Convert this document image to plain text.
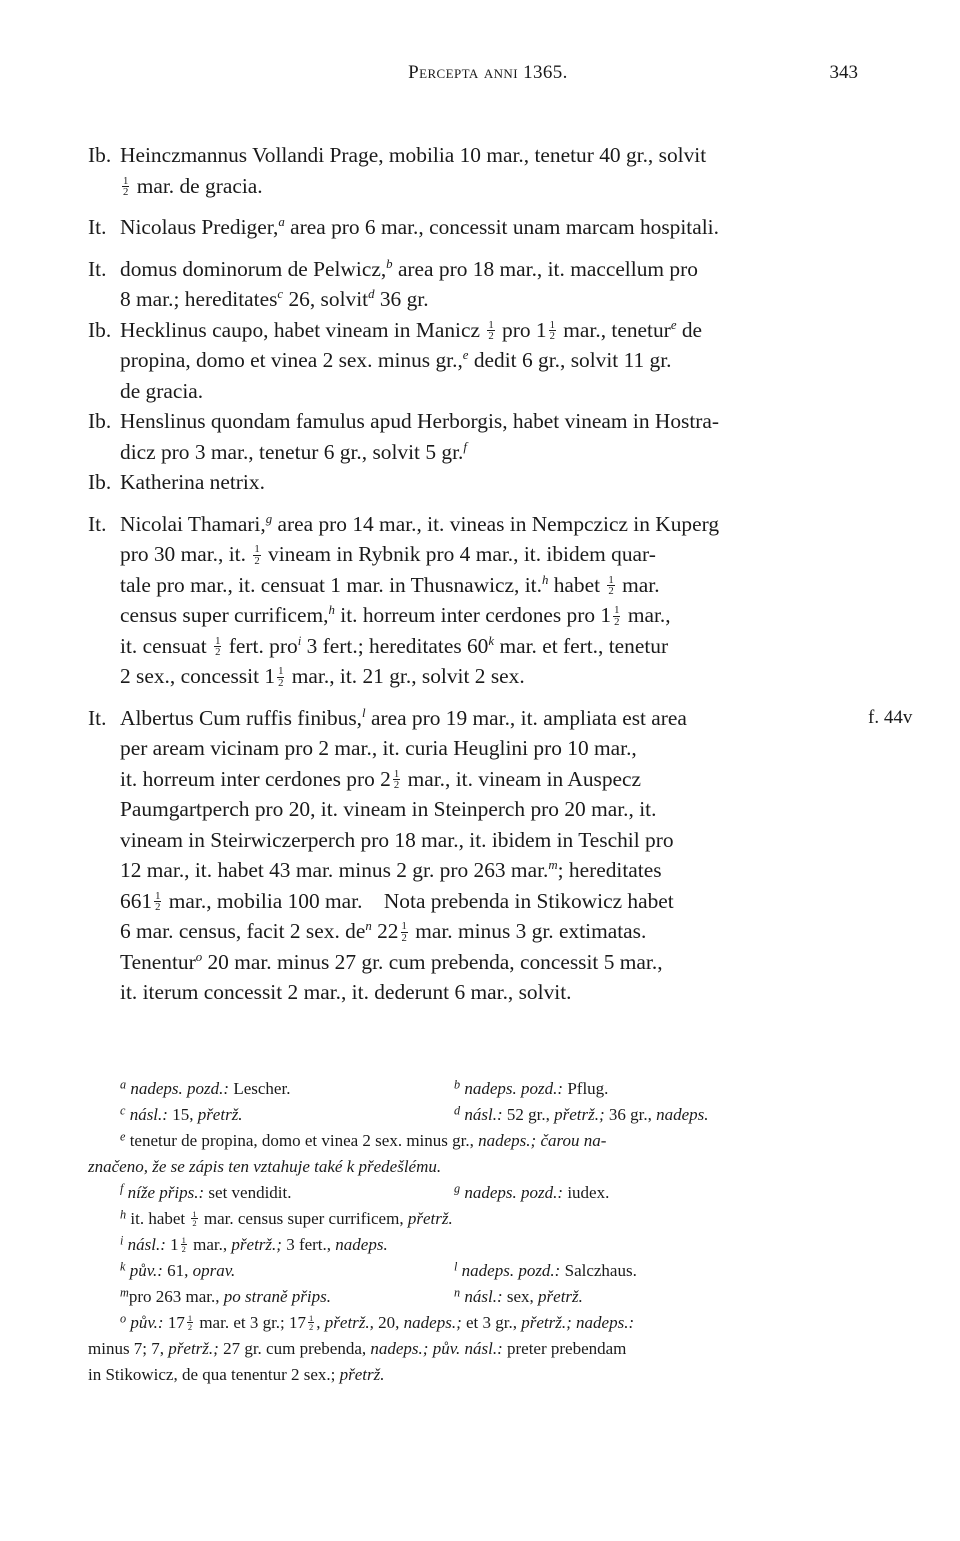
Percepta anni 1365.	343
Ib. Heinczmannus Vollandi Prage, mobilia 10 mar., tenetur 40 gr., solvit
$\frac{1}{2}$ mar. de gracia.
It. Nicolaus Prediger,$^a$ area pro 6 mar., concessit unam marcam hospitali.
It. domus dominorum de Pelwicz,$^b$ area pro 18 mar., it. maccellum pro
8 mar.; hereditates$^c$ 26, solvit$^d$ 36 gr.
Ib. Hecklinus caupo, habet vineam in Manicz $\frac{1}{2}$ pro $1 \frac{1}{2}$ mar., tenetur$^e$ de
propina, domo et vinea 2 sex. minus gr.,$^e$ dedit 6 gr., solvit 11 gr.
de gracia.
Ib. Henslinus quondam famulus apud Herborgis, habet vineam in Hostra-
dicz pro 3 mar., tenetur 6 gr., solvit 5 gr.$^f$
Ib. Katherina netrix.
It. Nicolai Thamari,$^g$ area pro 14 mar., it. vineas in Nempczicz in Kuperg
pro 30 mar., it. $\frac{1}{2}$ vineam in Rybnik pro 4 mar., it. ibidem quar-
tale pro mar., it. censuat 1 mar. in Thusnawicz, it.$^h$ habet $\frac{1}{2}$ mar.
census super currificem,$^h$ it. horreum inter cerdones pro $1 \frac{1}{2}$ mar.,
it. censuat $\frac{1}{2}$ fert. pro$^i$ 3 fert.; hereditates 60$^k$ mar. et fert., tenetur
2 sex., concessit $1 \frac{1}{2}$ mar., it. 21 gr., solvit 2 sex.
It. Albertus Cum ruffis finibus,$^l$ area pro 19 mar., it. ampliata est area	f. 44v
per aream vicinam pro 2 mar., it. curia Heuglini pro 10 mar.,
it. horreum inter cerdones pro $2 \frac{1}{2}$ mar., it. vineam in Auspecz
Paumgartperch pro 20, it. vineam in Steinperch pro 20 mar., it.
vineam in Steirwiczerperch pro 18 mar., it. ibidem in Teschil pro
12 mar., it. habet 43 mar. minus 2 gr. pro 263 mar.$^m$; hereditates
$661 \frac{1}{2}$ mar., mobilia 100 mar.    Nota prebenda in Stikowicz habet
6 mar. census, facit 2 sex. $de^n$ $22 \frac{1}{2}$ mar. minus 3 gr. extimatas.
Tenentur$^o$ 20 mar. minus 27 gr. cum prebenda, concessit 5 mar.,
it. iterum concessit 2 mar., it. dederunt 6 mar., solvit.
$^a$ nadeps. pozd.: Lescher.	$^b$ nadeps. pozd.: Pflug.
$^c$ násl.: 15, přetrž.	$^d$ násl.: 52 gr., přetrž.; 36 gr., nadeps.
$^e$ tenetur de propina, domo et vinea 2 sex. minus gr., nadeps.; čarou na-
značeno, že se zápis ten vztahuje také k předešlému.
$^f$ níže přips.: set vendidit.	$^g$ nadeps. pozd.: iudex.
$^h$ it. habet $\frac{1}{2}$ mar. census super currificem, přetrž.
$^i$ násl.: $1 \frac{1}{2}$ mar., přetrž.; 3 fert., nadeps.
$^k$ pův.: 61, oprav.	$^l$ nadeps. pozd.: Salczhaus.
$^m$pro 263 mar., po straně přips.	$^n$ násl.: sex, přetrž.
$^o$ pův.: $17 \frac{1}{2}$ mar. et 3 gr.; $17 \frac{1}{2}$ , přetrž., 20, nadeps.; et 3 gr., přetrž.; nadeps.:
minus 7; 7, přetrž.; 27 gr. cum prebenda, nadeps.; pův. násl.: preter prebendam
in Stikowicz, de qua tenentur 2 sex.; přetrž.
